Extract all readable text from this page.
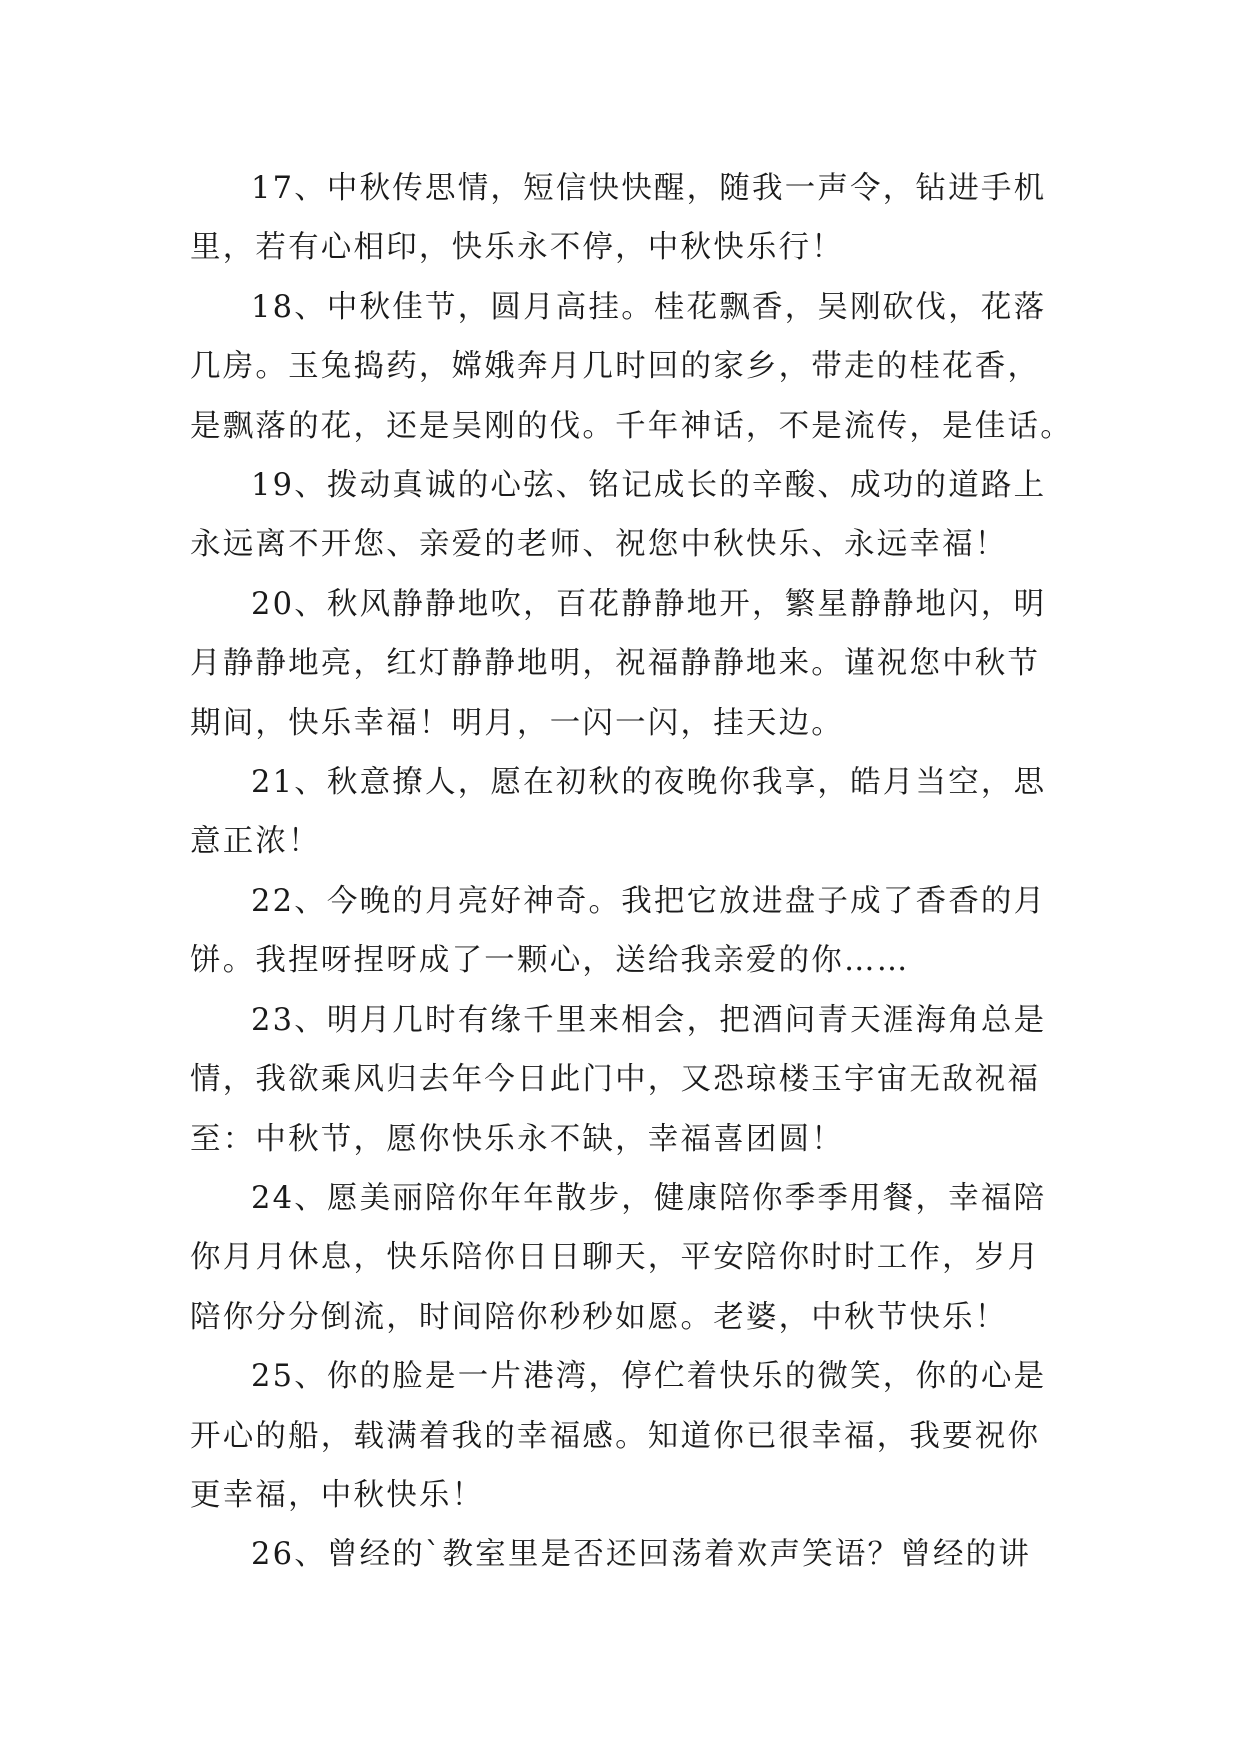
17、中秋传思情，短信快快醒，随我一声令，钻进手机
里，若有心相印，快乐永不停，中秋快乐行！

18、中秋佳节，圆月高挂。桂花飘香，吴刚砍伐，花落
几房。玉兔捣药，嫦娥奔月几时回的家乡，带走的桂花香，
是飘落的花，还是吴刚的伐。千年神话，不是流传，是佳话。

19、拨动真诚的心弦、铭记成长的辛酸、成功的道路上
永远离不开您、亲爱的老师、祝您中秋快乐、永远幸福！

20、秋风静静地吹，百花静静地开，繁星静静地闪，明
月静静地亮，红灯静静地明，祝福静静地来。谨祝您中秋节
期间，快乐幸福！明月，一闪一闪，挂天边。

21、秋意撩人，愿在初秋的夜晚你我享，皓月当空，思
意正浓！

22、今晚的月亮好神奇。我把它放进盘子成了香香的月
饼。我捏呀捏呀成了一颗心，送给我亲爱的你……

23、明月几时有缘千里来相会，把酒问青天涯海角总是
情，我欲乘风归去年今日此门中，又恐琼楼玉宇宙无敌祝福
至：中秋节，愿你快乐永不缺，幸福喜团圆！

24、愿美丽陪你年年散步，健康陪你季季用餐，幸福陪
你月月休息，快乐陪你日日聊天，平安陪你时时工作，岁月
陪你分分倒流，时间陪你秒秒如愿。老婆，中秋节快乐！

25、你的脸是一片港湾，停伫着快乐的微笑，你的心是
开心的船，载满着我的幸福感。知道你已很幸福，我要祝你
更幸福，中秋快乐！

26、曾经的`教室里是否还回荡着欢声笑语？曾经的讲
